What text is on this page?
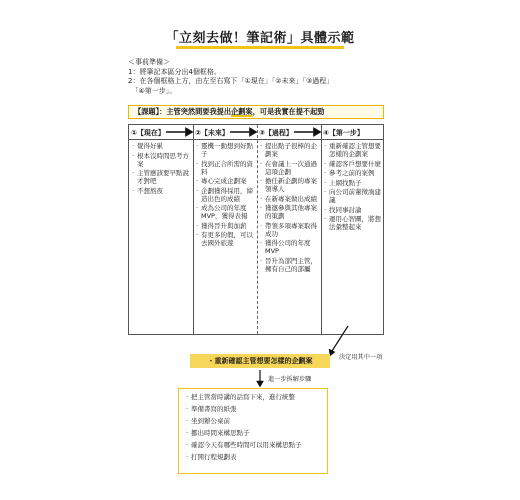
「立刻去做！筆記術」具體示範
＜事前準備＞
1：將筆記本區分出4個框格。
2：在各個框格上方，由左至右寫下「①現在」「②未來」「③過程」
　「④第一步」。
【課題】：主管突然間要我提出企劃案，可是我實在提不起勁
①【現在】
· 覺得好累
· 根本沒時間思考方案
· 主管應該要早點說才對吧
· 不想熬夜
②【未來】
· 靈機一動想到好點子
· 找到正合所需的資料
· 專心完成企劃案
· 企劃獲得採用，締造出色的成績
· 成為公司的年度MVP，獲得表揚
· 獲得晉升與加薪
· 有更多的假，可以去國外旅遊
③【過程】
· 提出點子很棒的企劃案
· 在會議上一次通過這項企劃
· 擔任新企劃的專案領導人
· 在新專案做出成績
· 獲邀參與其他專案的策劃
· 帶領多項專案取得成功
· 獲得公司的年度MVP
· 晉升為部門主管，擁有自己的部屬
④【第一步】
· 重新確認主管想要怎樣的企劃案
· 確認客戶想要什麼
· 參考之前的案例
· 上網找點子
· 向公司前輩徵詢建議
· 找同事討論
· 運用心智圖，將想法彙整起來
・重新確認主管想要怎樣的企劃案	決定用其中一項
進一步拆解步驟
· 把主管當時講的話寫下來，進行統整
· 準備書寫的紙張
· 坐到辦公桌前
· 挪出時間來構思點子
· 確認今天有哪些時間可以用來構思點子
· 打開行程規劃表
